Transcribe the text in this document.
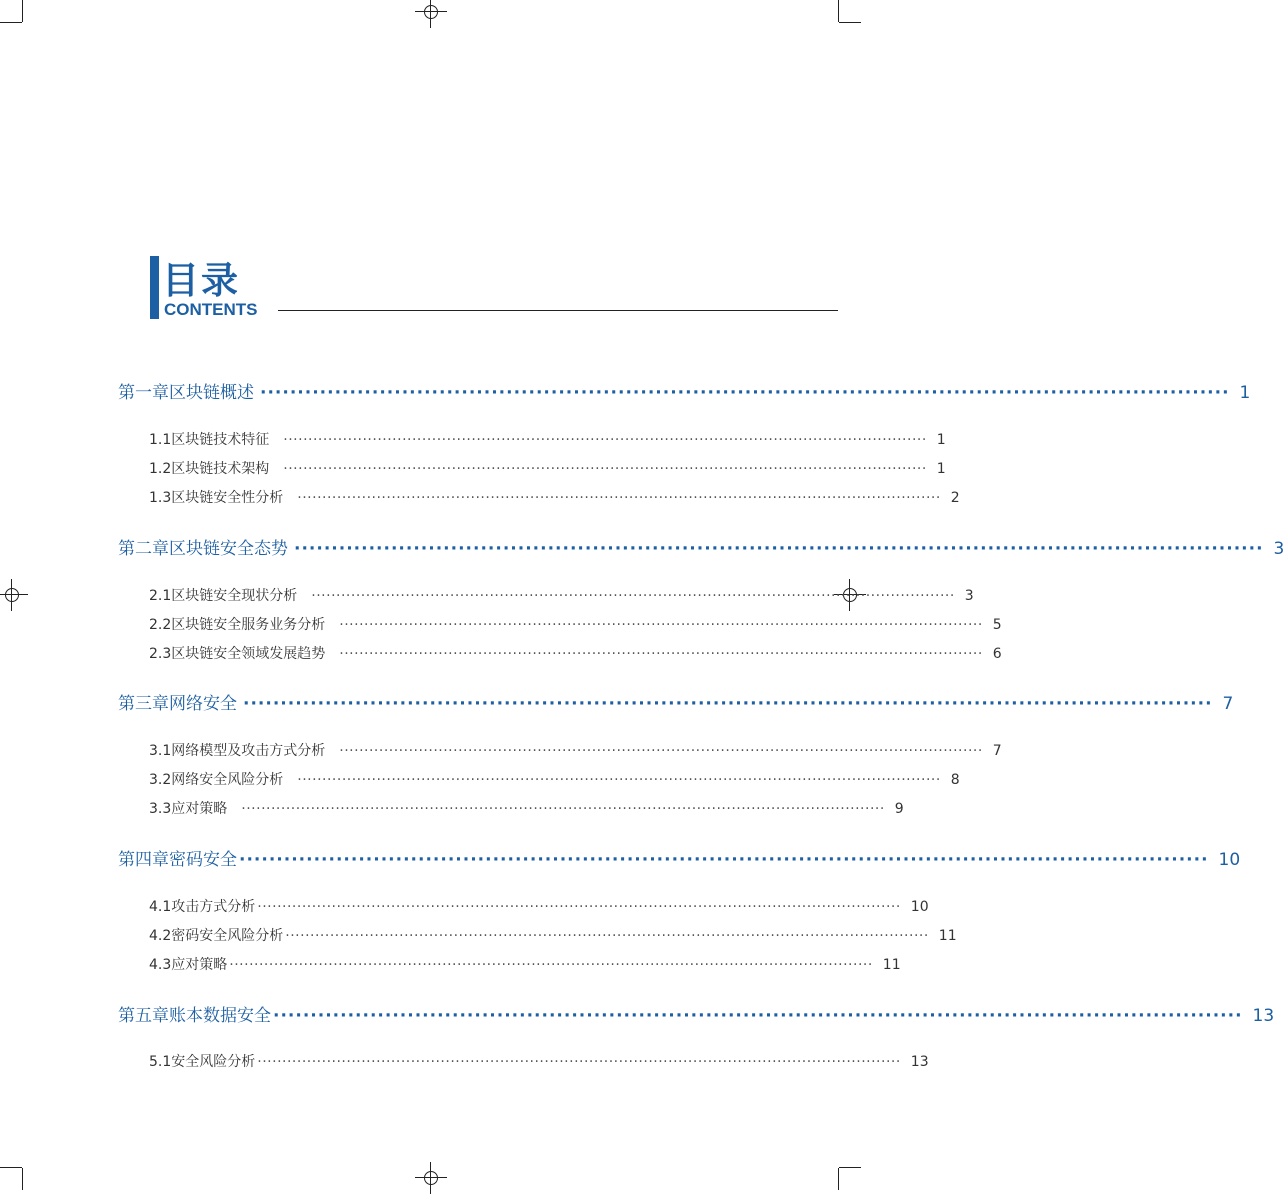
目录
CONTENTS
第一章 区块链概述 ·································································································································· 1
1.1 区块链技术特征 ·································································································································· 1
1.2 区块链技术架构 ·································································································································· 1
1.3 区块链安全性分析 ·································································································································· 2
第二章 区块链安全态势 ·································································································································· 3
2.1 区块链安全现状分析 ·································································································································· 3
2.2 区块链安全服务业务分析 ·································································································································· 5
2.3 区块链安全领域发展趋势 ·································································································································· 6
第三章 网络安全 ·································································································································· 7
3.1 网络模型及攻击方式分析 ·································································································································· 7
3.2 网络安全风险分析 ·································································································································· 8
3.3 应对策略 ·································································································································· 9
第四章 密码安全 ·································································································································· 10
4.1 攻击方式分析 ·································································································································· 10
4.2 密码安全风险分析 ·································································································································· 11
4.3 应对策略 ·································································································································· 11
第五章 账本数据安全 ·································································································································· 13
5.1 安全风险分析 ·································································································································· 13
